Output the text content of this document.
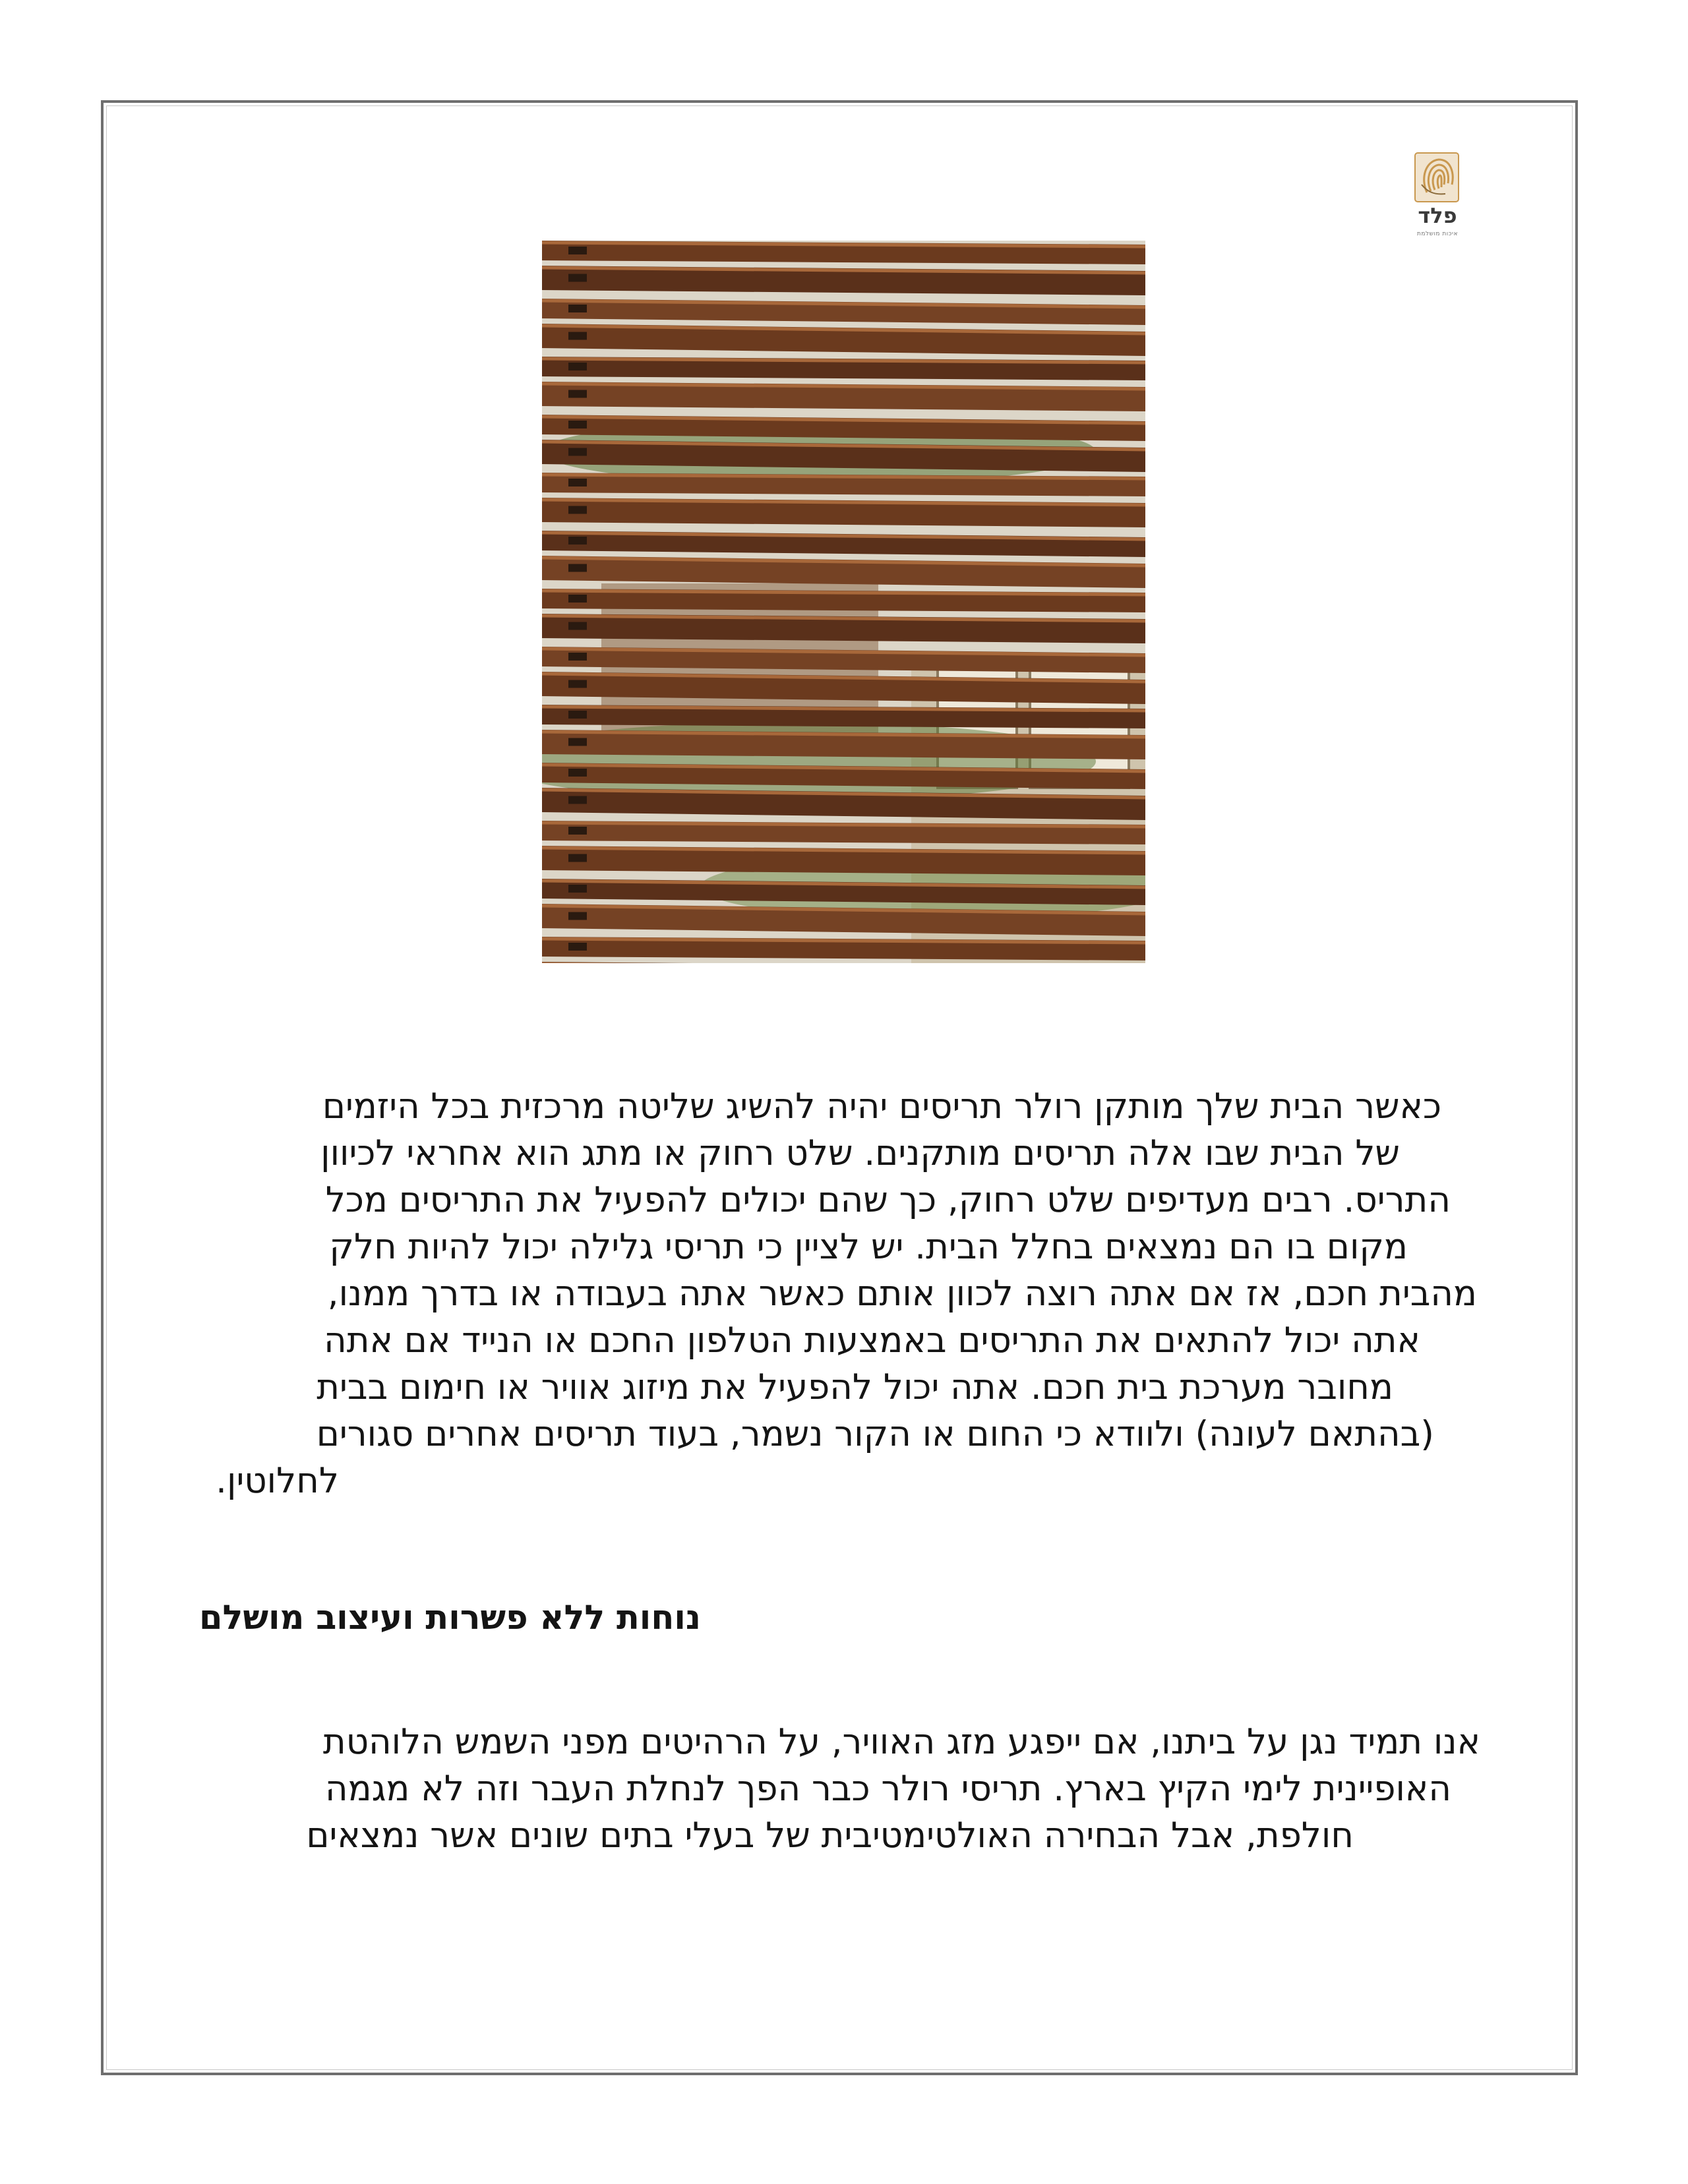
פלד
איכות מושלמת
כאשר הבית שלך מותקן רולר תריסים יהיה להשיג שליטה מרכזית בכל היזמים
של הבית שבו אלה תריסים מותקנים. שלט רחוק או מתג הוא אחראי לכיוון
התריס. רבים מעדיפים שלט רחוק, כך שהם יכולים להפעיל את התריסים מכל
מקום בו הם נמצאים בחלל הבית. יש לציין כי תריסי גלילה יכול להיות חלק
מהבית חכם, אז אם אתה רוצה לכוון אותם כאשר אתה בעבודה או בדרך ממנו,
אתה יכול להתאים את התריסים באמצעות הטלפון החכם או הנייד אם אתה
מחובר מערכת בית חכם. אתה יכול להפעיל את מיזוג אוויר או חימום בבית
(בהתאם לעונה) ולוודא כי החום או הקור נשמר, בעוד תריסים אחרים סגורים
לחלוטין.
נוחות ללא פשרות ועיצוב מושלם
אנו תמיד נגן על ביתנו, אם ייפגע מזג האוויר, על הרהיטים מפני השמש הלוהטת
האופיינית לימי הקיץ בארץ. תריסי רולר כבר הפך לנחלת העבר וזה לא מגמה
חולפת, אבל הבחירה האולטימטיבית של בעלי בתים שונים אשר נמצאים
